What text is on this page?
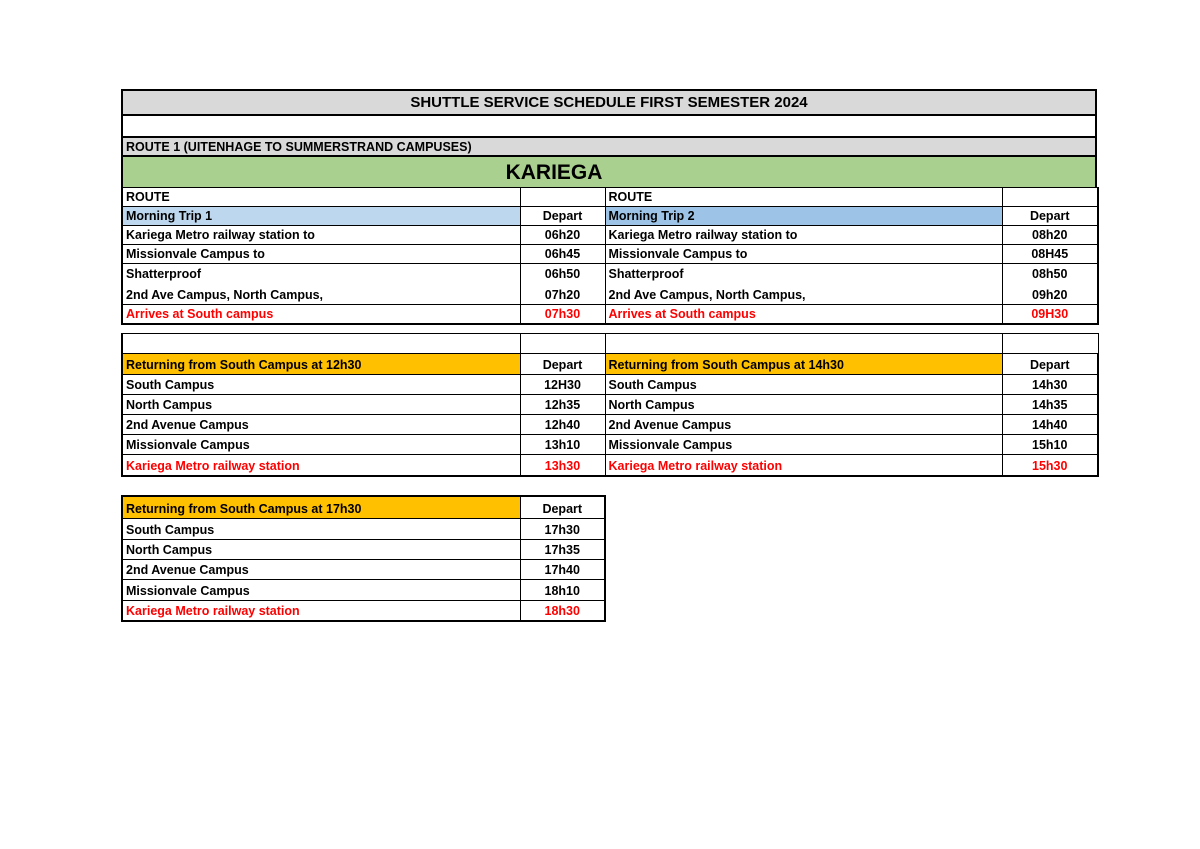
SHUTTLE SERVICE SCHEDULE FIRST SEMESTER 2024
ROUTE 1 (UITENHAGE TO SUMMERSTRAND CAMPUSES)
KARIEGA
ROUTE		ROUTE	
Morning Trip 1	Depart	Morning Trip 2	Depart
Kariega Metro railway station to	06h20	Kariega Metro railway station to	08h20
Missionvale Campus to	06h45	Missionvale Campus to	08H45
Shatterproof	06h50	Shatterproof	08h50
2nd Ave Campus, North Campus,	07h20	2nd Ave Campus, North Campus,	09h20
Arrives at South campus	07h30	Arrives at South campus	09H30

Returning from South Campus at 12h30	Depart	Returning from South Campus at 14h30	Depart
South Campus	12H30	South Campus	14h30
North Campus	12h35	North Campus	14h35
2nd Avenue Campus	12h40	2nd Avenue Campus	14h40
Missionvale Campus	13h10	Missionvale Campus	15h10
Kariega Metro railway station	13h30	Kariega Metro railway station	15h30
Returning from South Campus at 17h30	Depart
South Campus	17h30
North Campus	17h35
2nd Avenue Campus	17h40
Missionvale Campus	18h10
Kariega Metro railway station	18h30
